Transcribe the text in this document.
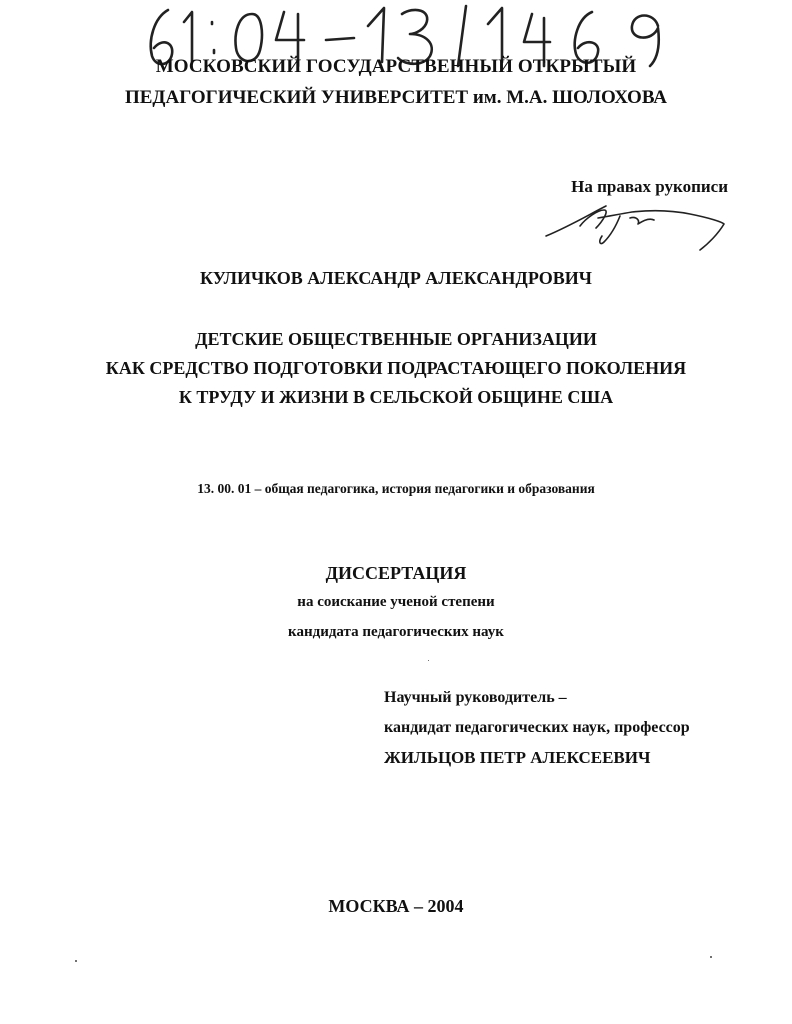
МОСКОВСКИЙ ГОСУДАРСТВЕННЫЙ ОТКРЫТЫЙ
ПЕДАГОГИЧЕСКИЙ УНИВЕРСИТЕТ им. М.А. ШОЛОХОВА
На правах рукописи
КУЛИЧКОВ АЛЕКСАНДР АЛЕКСАНДРОВИЧ
ДЕТСКИЕ ОБЩЕСТВЕННЫЕ ОРГАНИЗАЦИИ
КАК СРЕДСТВО ПОДГОТОВКИ ПОДРАСТАЮЩЕГО ПОКОЛЕНИЯ
К ТРУДУ И ЖИЗНИ В СЕЛЬСКОЙ ОБЩИНЕ США
13. 00. 01 – общая педагогика, история педагогики и образования
ДИССЕРТАЦИЯ
на соискание ученой степени
кандидата педагогических наук
Научный руководитель –
кандидат педагогических наук, профессор
ЖИЛЬЦОВ ПЕТР АЛЕКСЕЕВИЧ
МОСКВА – 2004
